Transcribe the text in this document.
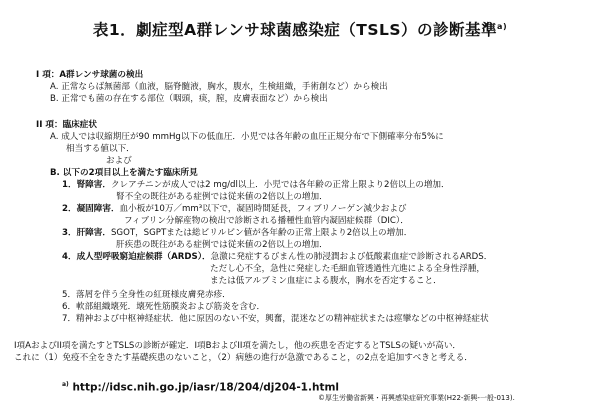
表1．劇症型A群レンサ球菌感染症（TSLS）の診断基準$^{a)}$
I 項：A群レンサ球菌の検出
A. 正常ならば無菌部（血液，脳脊髄液，胸水，腹水，生検組織，手術創など）から検出
B. 正常でも菌の存在する部位（咽頭，痰，膣，皮膚表面など）から検出
II 項：臨床症状
A. 成人では収縮期圧が90 mmHg以下の低血圧．小児では各年齢の血圧正規分布で下側確率分布5%に
相当する値以下．
および
B. 以下の2項目以上を満たす臨床所見
1．腎障害．クレアチニンが成人では2 mg/dl以上．小児では各年齢の正常上限より2倍以上の増加．
腎不全の既往がある症例では従来値の2倍以上の増加．
2．凝固障害．血小板が10万／mm³以下で，凝固時間延長，フィブリノーゲン減少および
フィブリン分解産物の検出で診断される播種性血管内凝固症候群（DIC）．
3．肝障害．SGOT，SGPTまたは総ビリルビン値が各年齢の正常上限より2倍以上の増加．
肝疾患の既往がある症例では従来値の2倍以上の増加．
4．成人型呼吸窮迫症候群（ARDS）．急激に発症するびまん性の肺浸潤および低酸素血症で診断されるARDS．
ただし心不全，急性に発症した毛細血管透過性亢進による全身性浮腫，
または低アルブミン血症による腹水，胸水を否定すること．
5．落屑を伴う全身性の紅斑様皮膚発赤疹．
6．軟部組織壊死．壊死性筋膜炎および筋炎を含む．
7．精神および中枢神経症状．他に原因のない不安，興奮，混迷などの精神症状または痙攣などの中枢神経症状
I項AおよびII項を満たすとTSLSの診断が確定．I項BおよびII項を満たし，他の疾患を否定するとTSLSの疑いが高い．
これに（1）免疫不全をきたす基礎疾患のないこと，（2）病態の進行が急激であること，の2点を追加すべきと考える．
$^{a)}$ http://idsc.nih.go.jp/iasr/18/204/dj204-1.html
©厚生労働省新興・再興感染症研究事業(H22-新興-一般-013).
